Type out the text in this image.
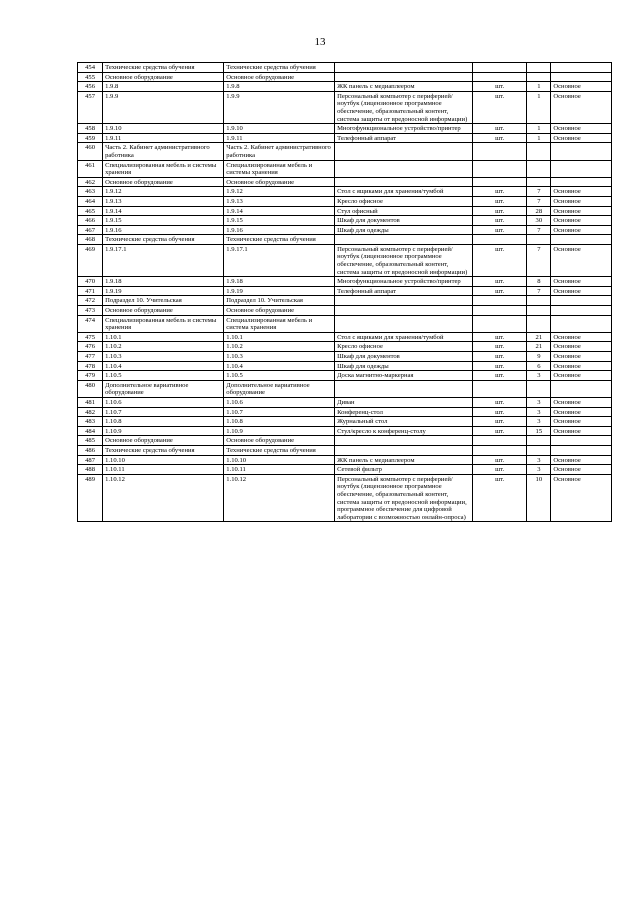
13
454	Технические средства обучения	Технические средства обучения				
455	Основное оборудование	Основное оборудование				
456	1.9.8	1.9.8	ЖК панель с медиаплеером	шт.	1	Основное
457	1.9.9	1.9.9	Персональный компьютер с периферией/ноутбук (лицензионное программное обеспечение, образовательный контент, система защиты от вредоносной информации)	шт.	1	Основное
458	1.9.10	1.9.10	Многофункциональное устройство/принтер	шт.	1	Основное
459	1.9.11	1.9.11	Телефонный аппарат	шт.	1	Основное
460	Часть 2. Кабинет административного работника	Часть 2. Кабинет административного работника				
461	Специализированная мебель и системы хранения	Специализированная мебель и системы хранения				
462	Основное оборудование	Основное оборудование				
463	1.9.12	1.9.12	Стол с ящиками для хранения/тумбой	шт.	7	Основное
464	1.9.13	1.9.13	Кресло офисное	шт.	7	Основное
465	1.9.14	1.9.14	Стул офисный	шт.	28	Основное
466	1.9.15	1.9.15	Шкаф для документов	шт.	30	Основное
467	1.9.16	1.9.16	Шкаф для одежды	шт.	7	Основное
468	Технические средства обучения	Технические средства обучения				
469	1.9.17.1	1.9.17.1	Персональный компьютер с периферией/ноутбук (лицензионное программное обеспечение, образовательный контент, система защиты от вредоносной информации)	шт.	7	Основное
470	1.9.18	1.9.18	Многофункциональное устройство/принтер	шт.	8	Основное
471	1.9.19	1.9.19	Телефонный аппарат	шт.	7	Основное
472	Подраздел 10. Учительская	Подраздел 10. Учительская				
473	Основное оборудование	Основное оборудование				
474	Специализированная мебель и системы хранения	Специализированная мебель и система хранения				
475	1.10.1	1.10.1	Стол с ящиками для хранения/тумбой	шт.	21	Основное
476	1.10.2	1.10.2	Кресло офисное	шт.	21	Основное
477	1.10.3	1.10.3	Шкаф для документов	шт.	9	Основное
478	1.10.4	1.10.4	Шкаф для одежды	шт.	6	Основное
479	1.10.5	1.10.5	Доска магнитно-маркерная	шт.	3	Основное
480	Дополнительное вариативное оборудование	Дополнительное вариативное оборудование				
481	1.10.6	1.10.6	Диван	шт.	3	Основное
482	1.10.7	1.10.7	Конференц-стол	шт.	3	Основное
483	1.10.8	1.10.8	Журнальный стол	шт.	3	Основное
484	1.10.9	1.10.9	Стул/кресло к конференц-столу	шт.	15	Основное
485	Основное оборудование	Основное оборудование				
486	Технические средства обучения	Технические средства обучения				
487	1.10.10	1.10.10	ЖК панель с медиаплеером	шт.	3	Основное
488	1.10.11	1.10.11	Сетевой фильтр	шт.	3	Основное
489	1.10.12	1.10.12	Персональный компьютер с периферией/ноутбук (лицензионное программное обеспечение, образовательный контент, система защиты от вредоносной информации, программное обеспечение для цифровой лаборатории с возможностью онлайн-опроса)	шт.	10	Основное
